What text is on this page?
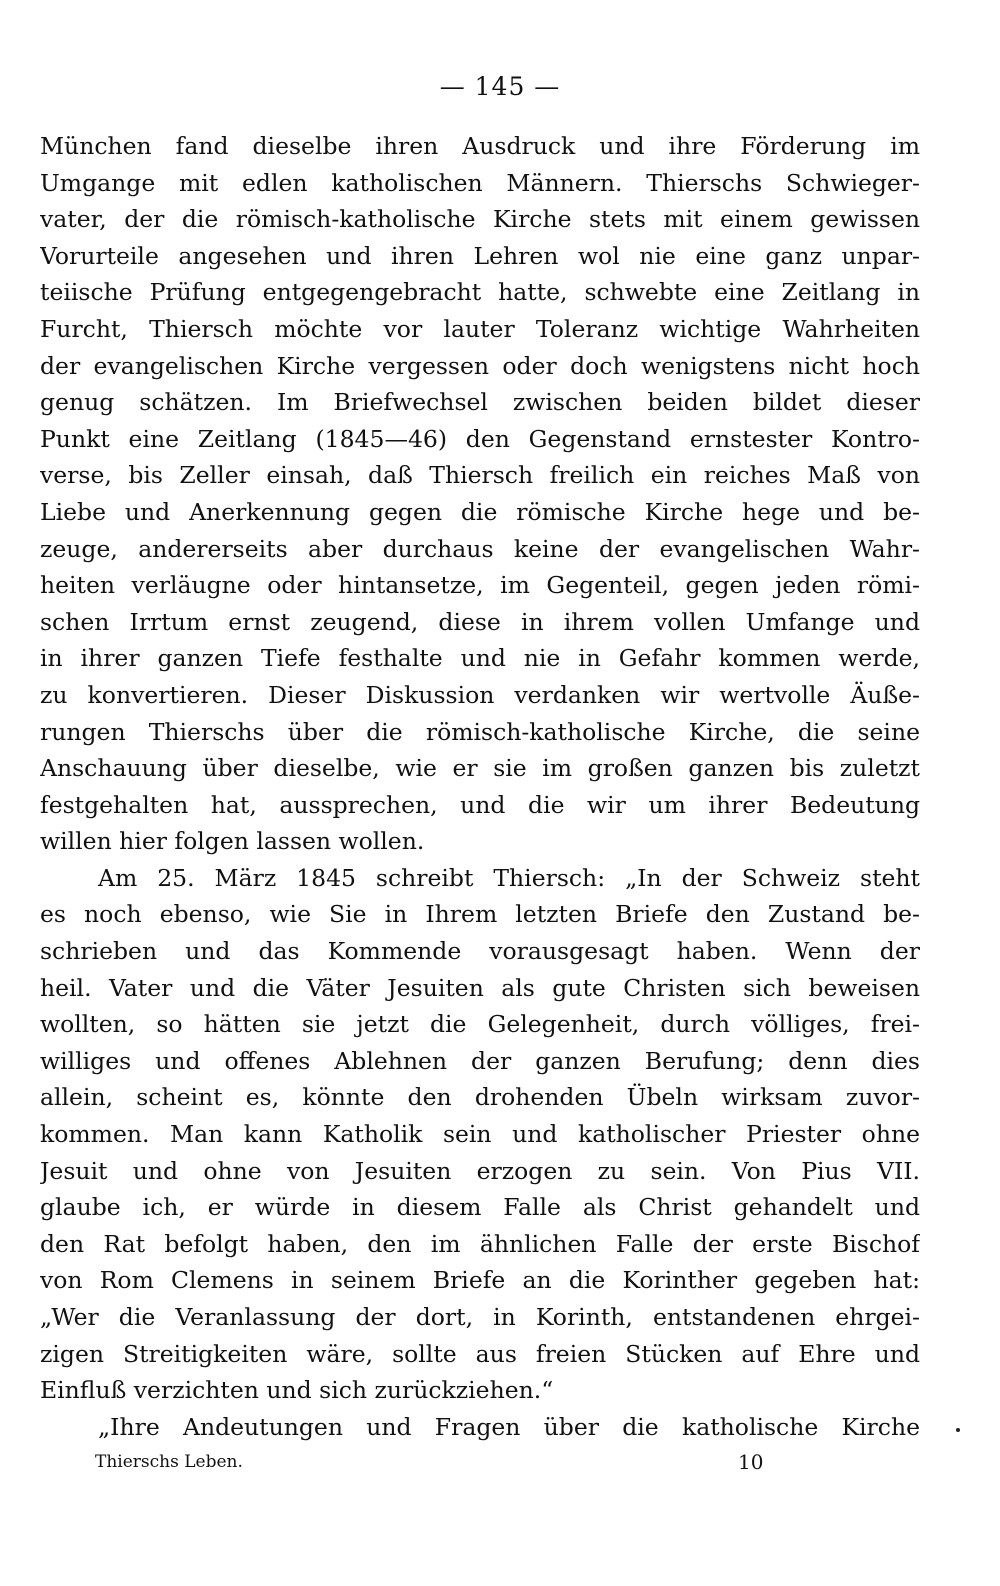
— 145 —
München fand dieselbe ihren Ausdruck und ihre Förderung im
Umgange mit edlen katholischen Männern. Thierschs Schwieger-
vater, der die römisch-katholische Kirche stets mit einem gewissen
Vorurteile angesehen und ihren Lehren wol nie eine ganz unpar-
teiische Prüfung entgegengebracht hatte, schwebte eine Zeitlang in
Furcht, Thiersch möchte vor lauter Toleranz wichtige Wahrheiten
der evangelischen Kirche vergessen oder doch wenigstens nicht hoch
genug schätzen. Im Briefwechsel zwischen beiden bildet dieser
Punkt eine Zeitlang (1845—46) den Gegenstand ernstester Kontro-
verse, bis Zeller einsah, daß Thiersch freilich ein reiches Maß von
Liebe und Anerkennung gegen die römische Kirche hege und be-
zeuge, andererseits aber durchaus keine der evangelischen Wahr-
heiten verläugne oder hintansetze, im Gegenteil, gegen jeden römi-
schen Irrtum ernst zeugend, diese in ihrem vollen Umfange und
in ihrer ganzen Tiefe festhalte und nie in Gefahr kommen werde,
zu konvertieren. Dieser Diskussion verdanken wir wertvolle Äuße-
rungen Thierschs über die römisch-katholische Kirche, die seine
Anschauung über dieselbe, wie er sie im großen ganzen bis zuletzt
festgehalten hat, aussprechen, und die wir um ihrer Bedeutung
willen hier folgen lassen wollen.
Am 25. März 1845 schreibt Thiersch: „In der Schweiz steht
es noch ebenso, wie Sie in Ihrem letzten Briefe den Zustand be-
schrieben und das Kommende vorausgesagt haben. Wenn der
heil. Vater und die Väter Jesuiten als gute Christen sich beweisen
wollten, so hätten sie jetzt die Gelegenheit, durch völliges, frei-
williges und offenes Ablehnen der ganzen Berufung; denn dies
allein, scheint es, könnte den drohenden Übeln wirksam zuvor-
kommen. Man kann Katholik sein und katholischer Priester ohne
Jesuit und ohne von Jesuiten erzogen zu sein. Von Pius VII.
glaube ich, er würde in diesem Falle als Christ gehandelt und
den Rat befolgt haben, den im ähnlichen Falle der erste Bischof
von Rom Clemens in seinem Briefe an die Korinther gegeben hat:
„Wer die Veranlassung der dort, in Korinth, entstandenen ehrgei-
zigen Streitigkeiten wäre, sollte aus freien Stücken auf Ehre und
Einfluß verzichten und sich zurückziehen.“
„Ihre Andeutungen und Fragen über die katholische Kirche
Thierschs Leben.	10
